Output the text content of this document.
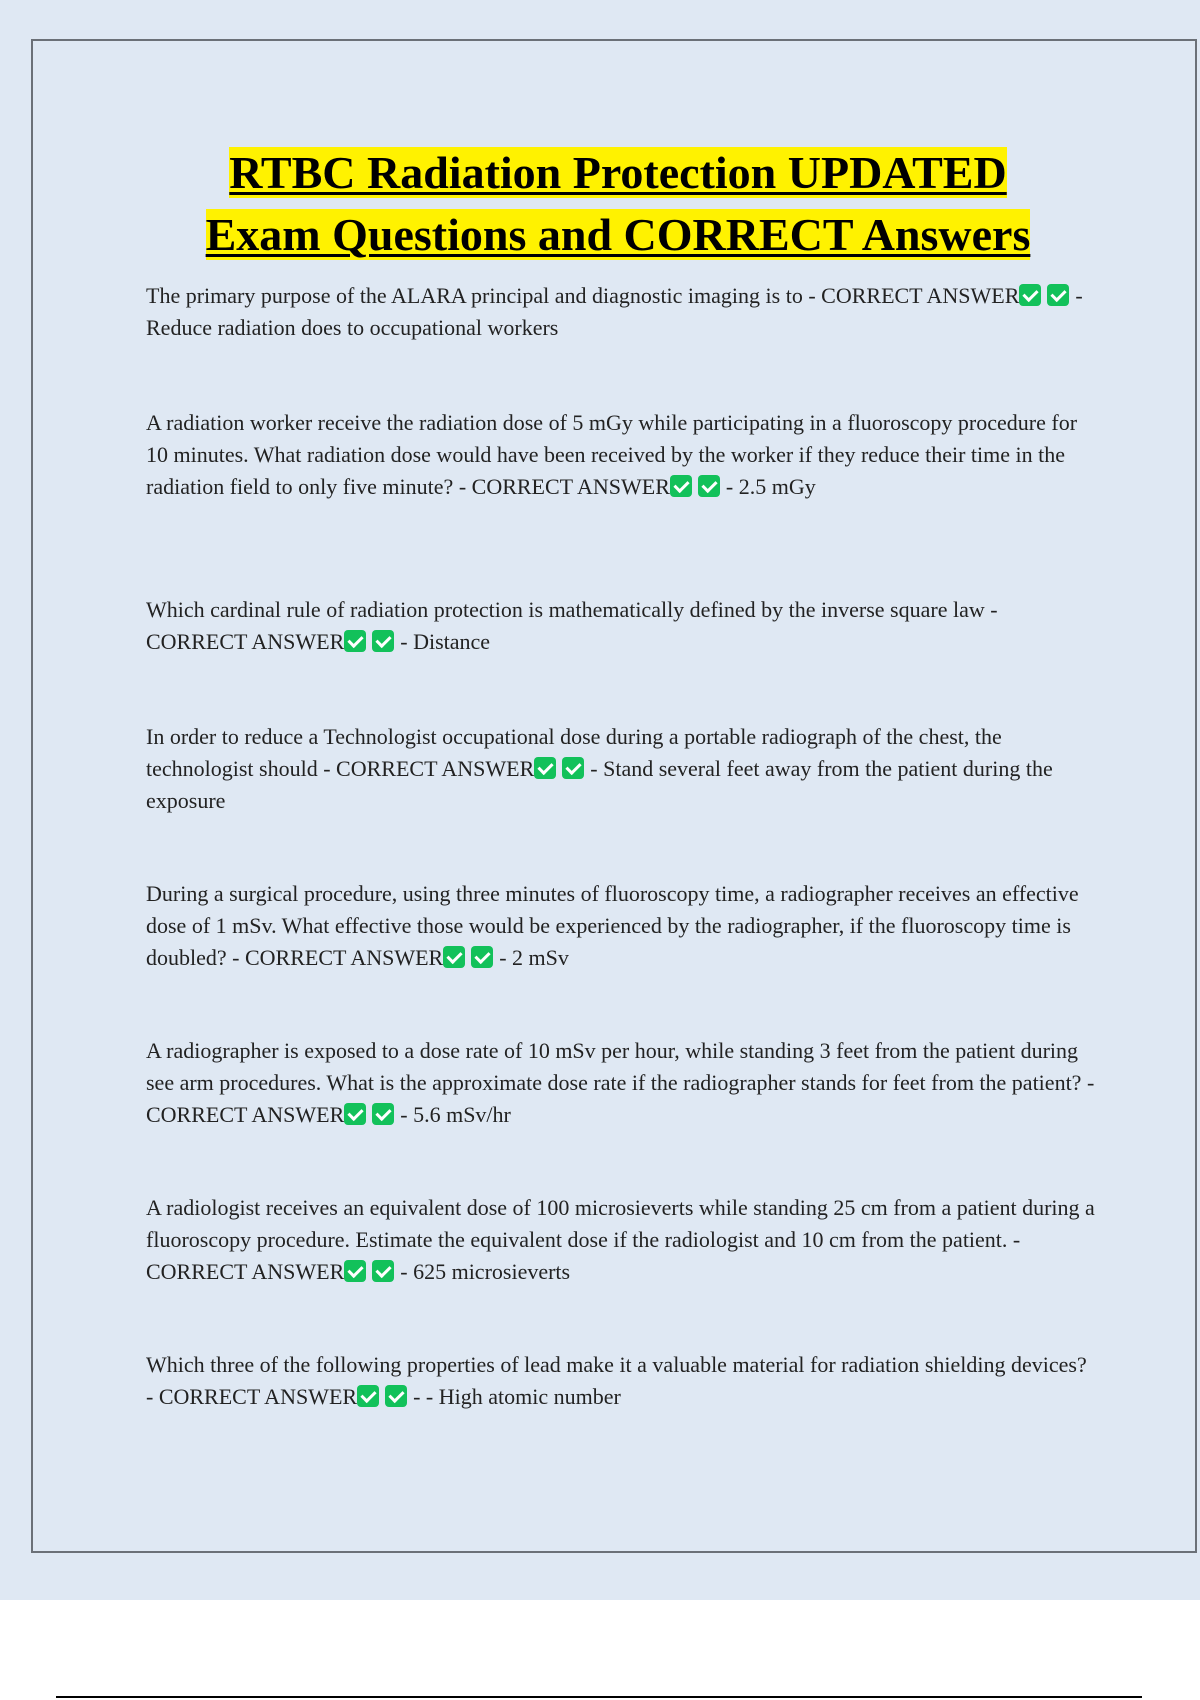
RTBC Radiation Protection UPDATED
Exam Questions and CORRECT Answers
The primary purpose of the ALARA principal and diagnostic imaging is to - CORRECT ANSWER	- Reduce radiation does to occupational workers
A radiation worker receive the radiation dose of 5 mGy while participating in a fluoroscopy procedure for 10 minutes. What radiation dose would have been received by the worker if they reduce their time in the radiation field to only five minute? - CORRECT ANSWER	- 2.5 mGy
Which cardinal rule of radiation protection is mathematically defined by the inverse square law - CORRECT ANSWER	- Distance
In order to reduce a Technologist occupational dose during a portable radiograph of the chest, the technologist should - CORRECT ANSWER	- Stand several feet away from the patient during the exposure
During a surgical procedure, using three minutes of fluoroscopy time, a radiographer receives an effective dose of 1 mSv. What effective those would be experienced by the radiographer, if the fluoroscopy time is doubled? - CORRECT ANSWER	- 2 mSv
A radiographer is exposed to a dose rate of 10 mSv per hour, while standing 3 feet from the patient during see arm procedures. What is the approximate dose rate if the radiographer stands for feet from the patient? - CORRECT ANSWER	- 5.6 mSv/hr
A radiologist receives an equivalent dose of 100 microsieverts while standing 25 cm from a patient during a fluoroscopy procedure. Estimate the equivalent dose if the radiologist and 10 cm from the patient. - CORRECT ANSWER	- 625 microsieverts
Which three of the following properties of lead make it a valuable material for radiation shielding devices? - CORRECT ANSWER	- - High atomic number
